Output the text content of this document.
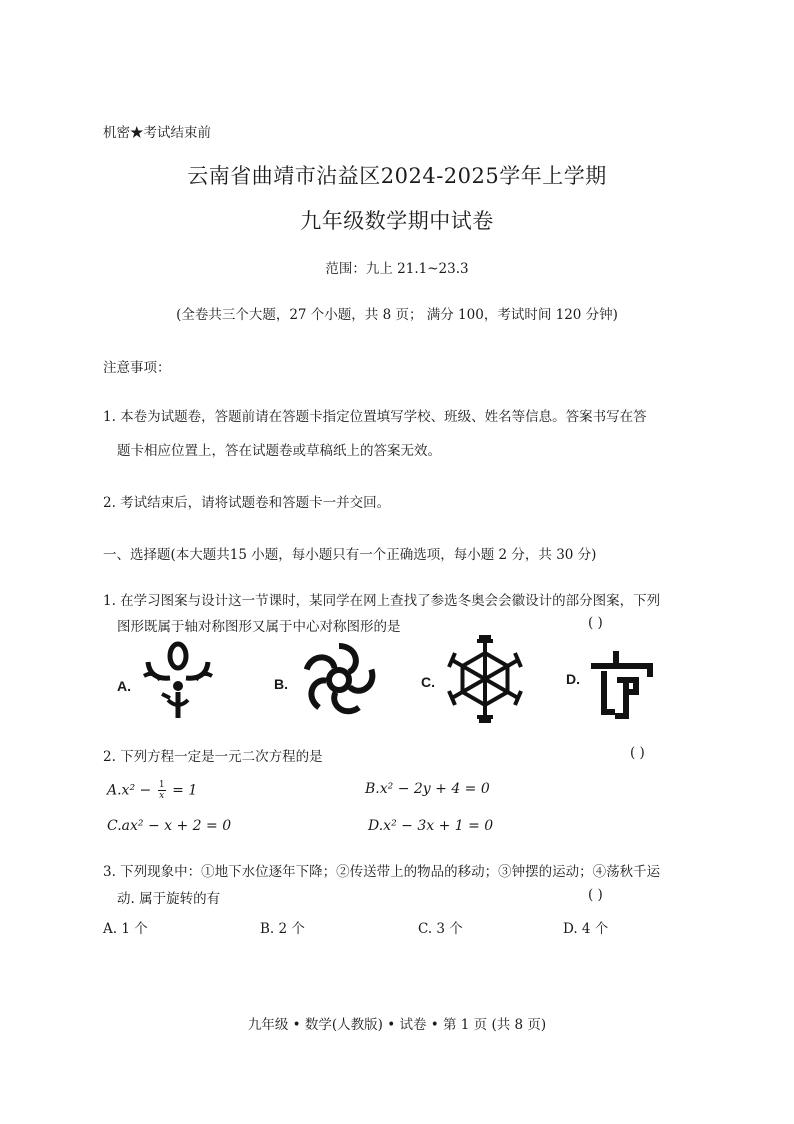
机密★考试结束前
云南省曲靖市沾益区2024-2025学年上学期
九年级数学期中试卷
范围：九上 21.1~23.3
(全卷共三个大题，27 个小题，共 8 页； 满分 100，考试时间 120 分钟)
注意事项：
1. 本卷为试题卷，答题前请在答题卡指定位置填写学校、班级、姓名等信息。答案书写在答
题卡相应位置上，答在试题卷或草稿纸上的答案无效。
2. 考试结束后，请将试题卷和答题卡一并交回。
一、选择题(本大题共15 小题，每小题只有一个正确选项，每小题 2 分，共 30 分)
1. 在学习图案与设计这一节课时，某同学在网上查找了参选冬奥会会徽设计的部分图案，下列
图形既属于轴对称图形又属于中心对称图形的是	( )
A.	B.	C.	D.
2. 下列方程一定是一元二次方程的是	( )
$A.x^2 - \frac{1}{x} = 1$	B.x² − 2y + 4 = 0
C.ax² − x + 2 = 0	D.x² − 3x + 1 = 0
3. 下列现象中：①地下水位逐年下降；②传送带上的物品的移动；③钟摆的运动；④荡秋千运
动. 属于旋转的有	( )
A. 1 个	B. 2 个	C. 3 个	D. 4 个
九年级 • 数学(人教版) • 试卷 • 第 1 页 (共 8 页)
